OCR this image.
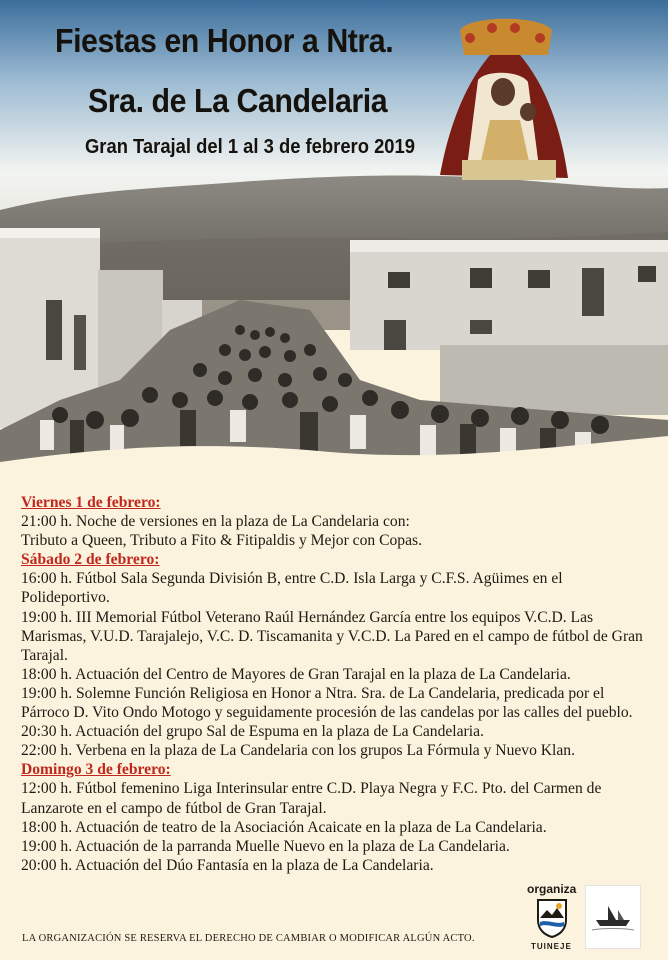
Fiestas en Honor a Ntra.
Sra. de La Candelaria
Gran Tarajal del 1 al 3 de febrero 2019

Viernes 1 de febrero:

21:00 h. Noche de versiones en la plaza de La Candelaria con:

Tributo a Queen, Tributo a Fito & Fitipaldis y Mejor con Copas.

Sábado 2 de febrero:

16:00 h. Fútbol Sala Segunda División B, entre C.D. Isla Larga y C.F.S. Agüimes en el Polideportivo.

19:00 h. III Memorial Fútbol Veterano Raúl Hernández García entre los equipos V.C.D. Las Marismas, V.U.D. Tarajalejo, V.C. D. Tiscamanita y V.C.D. La Pared en el campo de fútbol de Gran Tarajal.

18:00 h. Actuación del Centro de Mayores de Gran Tarajal en la plaza de La Candelaria.

19:00 h. Solemne Función Religiosa en Honor a Ntra. Sra. de La Candelaria, predicada por el Párroco D. Vito Ondo Motogo y seguidamente procesión de las candelas por las calles del pueblo.

20:30 h. Actuación del grupo Sal de Espuma en la plaza de La Candelaria.

22:00 h. Verbena en la plaza de La Candelaria con los grupos La Fórmula y Nuevo Klan.

Domingo 3 de febrero:

12:00 h. Fútbol femenino Liga Interinsular entre C.D. Playa Negra y F.C. Pto. del Carmen de Lanzarote en el campo de fútbol de Gran Tarajal.

18:00 h. Actuación de teatro de la Asociación Acaicate en la plaza de La Candelaria.

19:00 h. Actuación de la parranda Muelle Nuevo en la plaza de La Candelaria.

20:00 h. Actuación del Dúo Fantasía en la plaza de La Candelaria.

LA ORGANIZACIÓN SE RESERVA EL DERECHO DE CAMBIAR O MODIFICAR ALGÚN ACTO.
organiza
TUINEJE
